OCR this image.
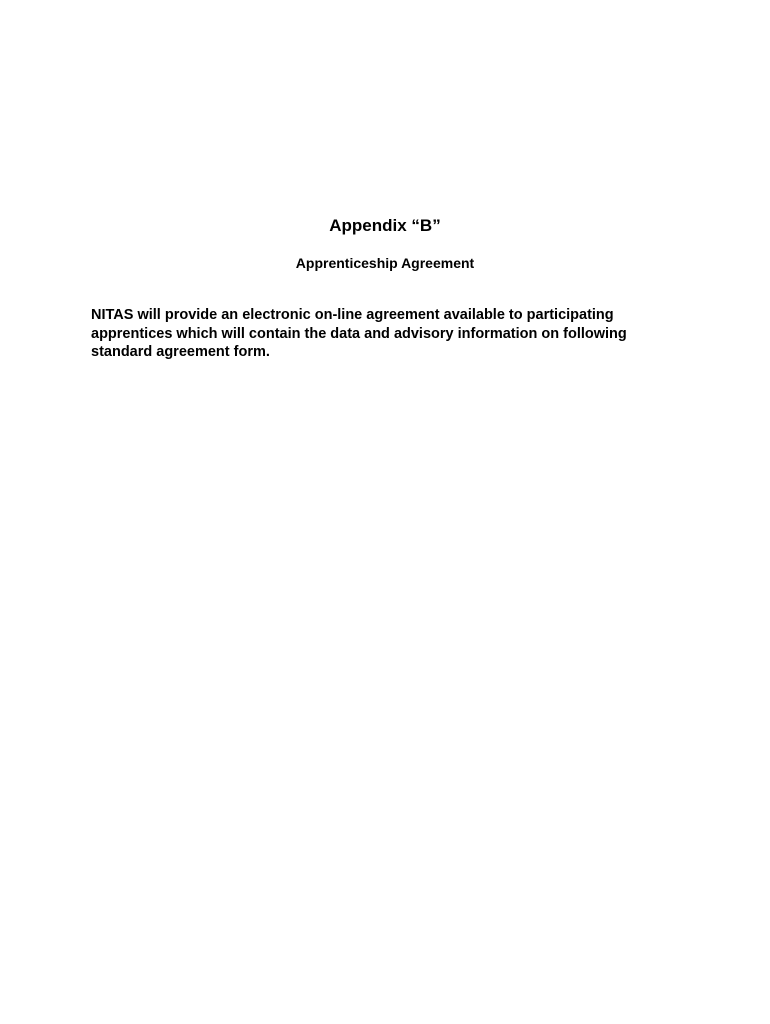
Appendix “B”
Apprenticeship Agreement

NITAS will provide an electronic on-line agreement available to participating
apprentices which will contain the data and advisory information on following
standard agreement form.
